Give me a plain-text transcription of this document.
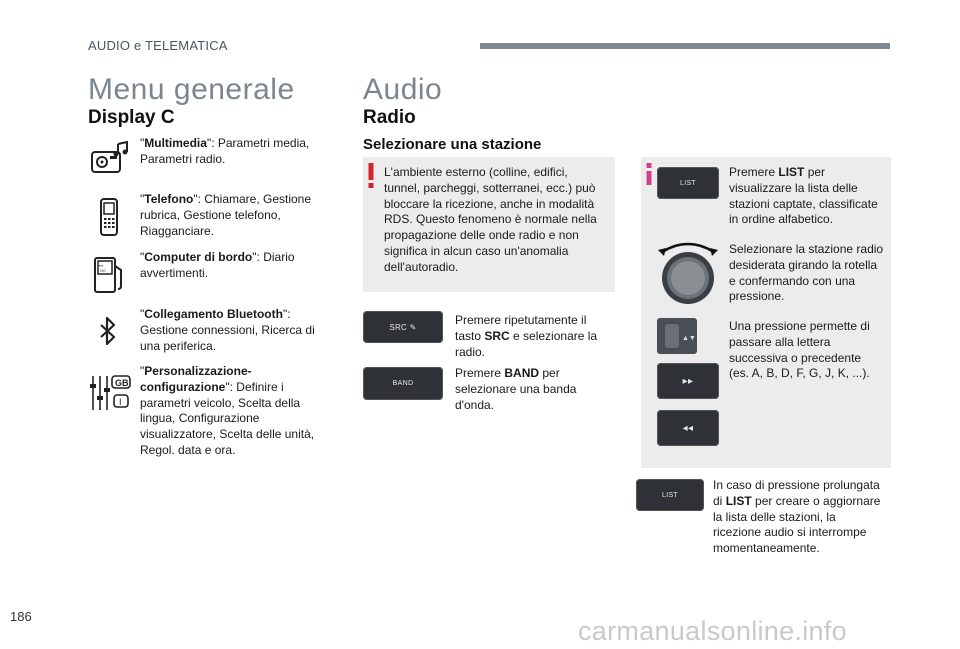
AUDIO e TELEMATICA
Menu generale
Display C
"Multimedia": Parametri media, Parametri radio.
"Telefono": Chiamare, Gestione rubrica, Gestione telefono, Riagganciare.
▪▪▪
OC
"Computer di bordo": Diario avvertimenti.
"Collegamento Bluetooth": Gestione connessioni, Ricerca di una periferica.
GB
I
"Personalizzazione-configurazione": Definire i parametri veicolo, Scelta della lingua, Configurazione visualizzatore, Scelta delle unità, Regol. data e ora.
Audio
Radio
Selezionare una stazione
L'ambiente esterno (colline, edifici, tunnel, parcheggi, sotterranei, ecc.) può bloccare la ricezione, anche in modalità RDS. Questo fenomeno è normale nella propagazione delle onde radio e non significa in alcun caso un'anomalia dell'autoradio.
SRC ✎	Premere ripetutamente il tasto SRC e selezionare la radio.
BAND
Premere BAND per selezionare una banda d'onda.
LIST
Premere LIST per visualizzare la lista delle stazioni captate, classificate in ordine alfabetico.
Selezionare la stazione radio desiderata girando la rotella e confermando con una pressione.
▲▼
Una pressione permette di passare alla lettera successiva o precedente (es. A, B, D, F, G, J, K, ...).
▸▸
◂◂
LIST
In caso di pressione prolungata di LIST per creare o aggiornare la lista delle stazioni, la ricezione audio si interrompe momentaneamente.
186	carmanualsonline.info
